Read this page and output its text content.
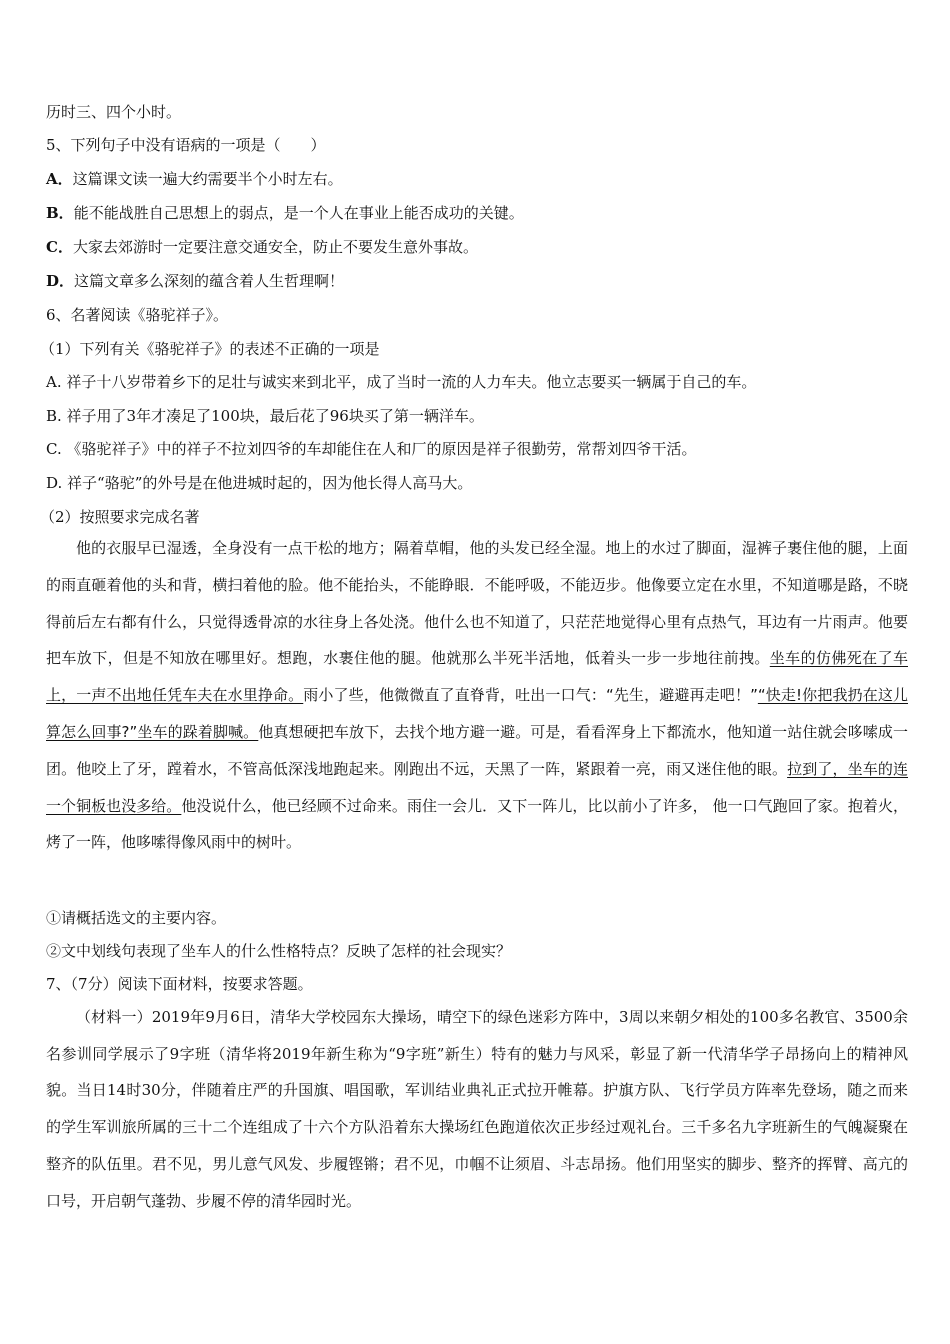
历时三、四个小时。
5、下列句子中没有语病的一项是（　　）
A．这篇课文读一遍大约需要半个小时左右。
B．能不能战胜自己思想上的弱点，是一个人在事业上能否成功的关键。
C．大家去郊游时一定要注意交通安全，防止不要发生意外事故。
D．这篇文章多么深刻的蕴含着人生哲理啊！
6、名著阅读《骆驼祥子》。
（1）下列有关《骆驼祥子》的表述不正确的一项是
A. 祥子十八岁带着乡下的足壮与诚实来到北平，成了当时一流的人力车夫。他立志要买一辆属于自己的车。
B. 祥子用了3年才凑足了100块，最后花了96块买了第一辆洋车。
C. 《骆驼祥子》中的祥子不拉刘四爷的车却能住在人和厂的原因是祥子很勤劳，常帮刘四爷干活。
D. 祥子“骆驼”的外号是在他进城时起的，因为他长得人高马大。
（2）按照要求完成名著
他的衣服早已湿透，全身没有一点干松的地方；隔着草帽，他的头发已经全湿。地上的水过了脚面，湿裤子裹住他的腿，上面的雨直砸着他的头和背，横扫着他的脸。他不能抬头，不能睁眼．不能呼吸，不能迈步。他像要立定在水里，不知道哪是路，不晓得前后左右都有什么，只觉得透骨凉的水往身上各处浇。他什么也不知道了，只茫茫地觉得心里有点热气，耳边有一片雨声。他要把车放下，但是不知放在哪里好。想跑，水裹住他的腿。他就那么半死半活地，低着头一步一步地往前拽。坐车的仿佛死在了车上，一声不出地任凭车夫在水里挣命。雨小了些，他微微直了直脊背，吐出一口气：“先生，避避再走吧！”“快走!你把我扔在这儿算怎么回事?”坐车的跺着脚喊。他真想硬把车放下，去找个地方避一避。可是，看看浑身上下都流水，他知道一站住就会哆嗦成一团。他咬上了牙，蹚着水，不管高低深浅地跑起来。刚跑出不远，天黑了一阵，紧跟着一亮，雨又迷住他的眼。拉到了，坐车的连一个铜板也没多给。他没说什么，他已经顾不过命来。雨住一会儿．又下一阵儿，比以前小了许多， 他一口气跑回了家。抱着火，烤了一阵，他哆嗦得像风雨中的树叶。
①请概括选文的主要内容。
②文中划线句表现了坐车人的什么性格特点？反映了怎样的社会现实？
7、（7分）阅读下面材料，按要求答题。
（材料一）2019年9月6日，清华大学校园东大操场，晴空下的绿色迷彩方阵中，3周以来朝夕相处的100多名教官、3500余名参训同学展示了9字班（清华将2019年新生称为“9字班”新生）特有的魅力与风采，彰显了新一代清华学子昂扬向上的精神风貌。当日14时30分，伴随着庄严的升国旗、唱国歌，军训结业典礼正式拉开帷幕。护旗方队、飞行学员方阵率先登场，随之而来的学生军训旅所属的三十二个连组成了十六个方队沿着东大操场红色跑道依次正步经过观礼台。三千多名九字班新生的气魄凝聚在整齐的队伍里。君不见，男儿意气风发、步履铿锵；君不见，巾帼不让须眉、斗志昂扬。他们用坚实的脚步、整齐的挥臂、高亢的口号，开启朝气蓬勃、步履不停的清华园时光。
